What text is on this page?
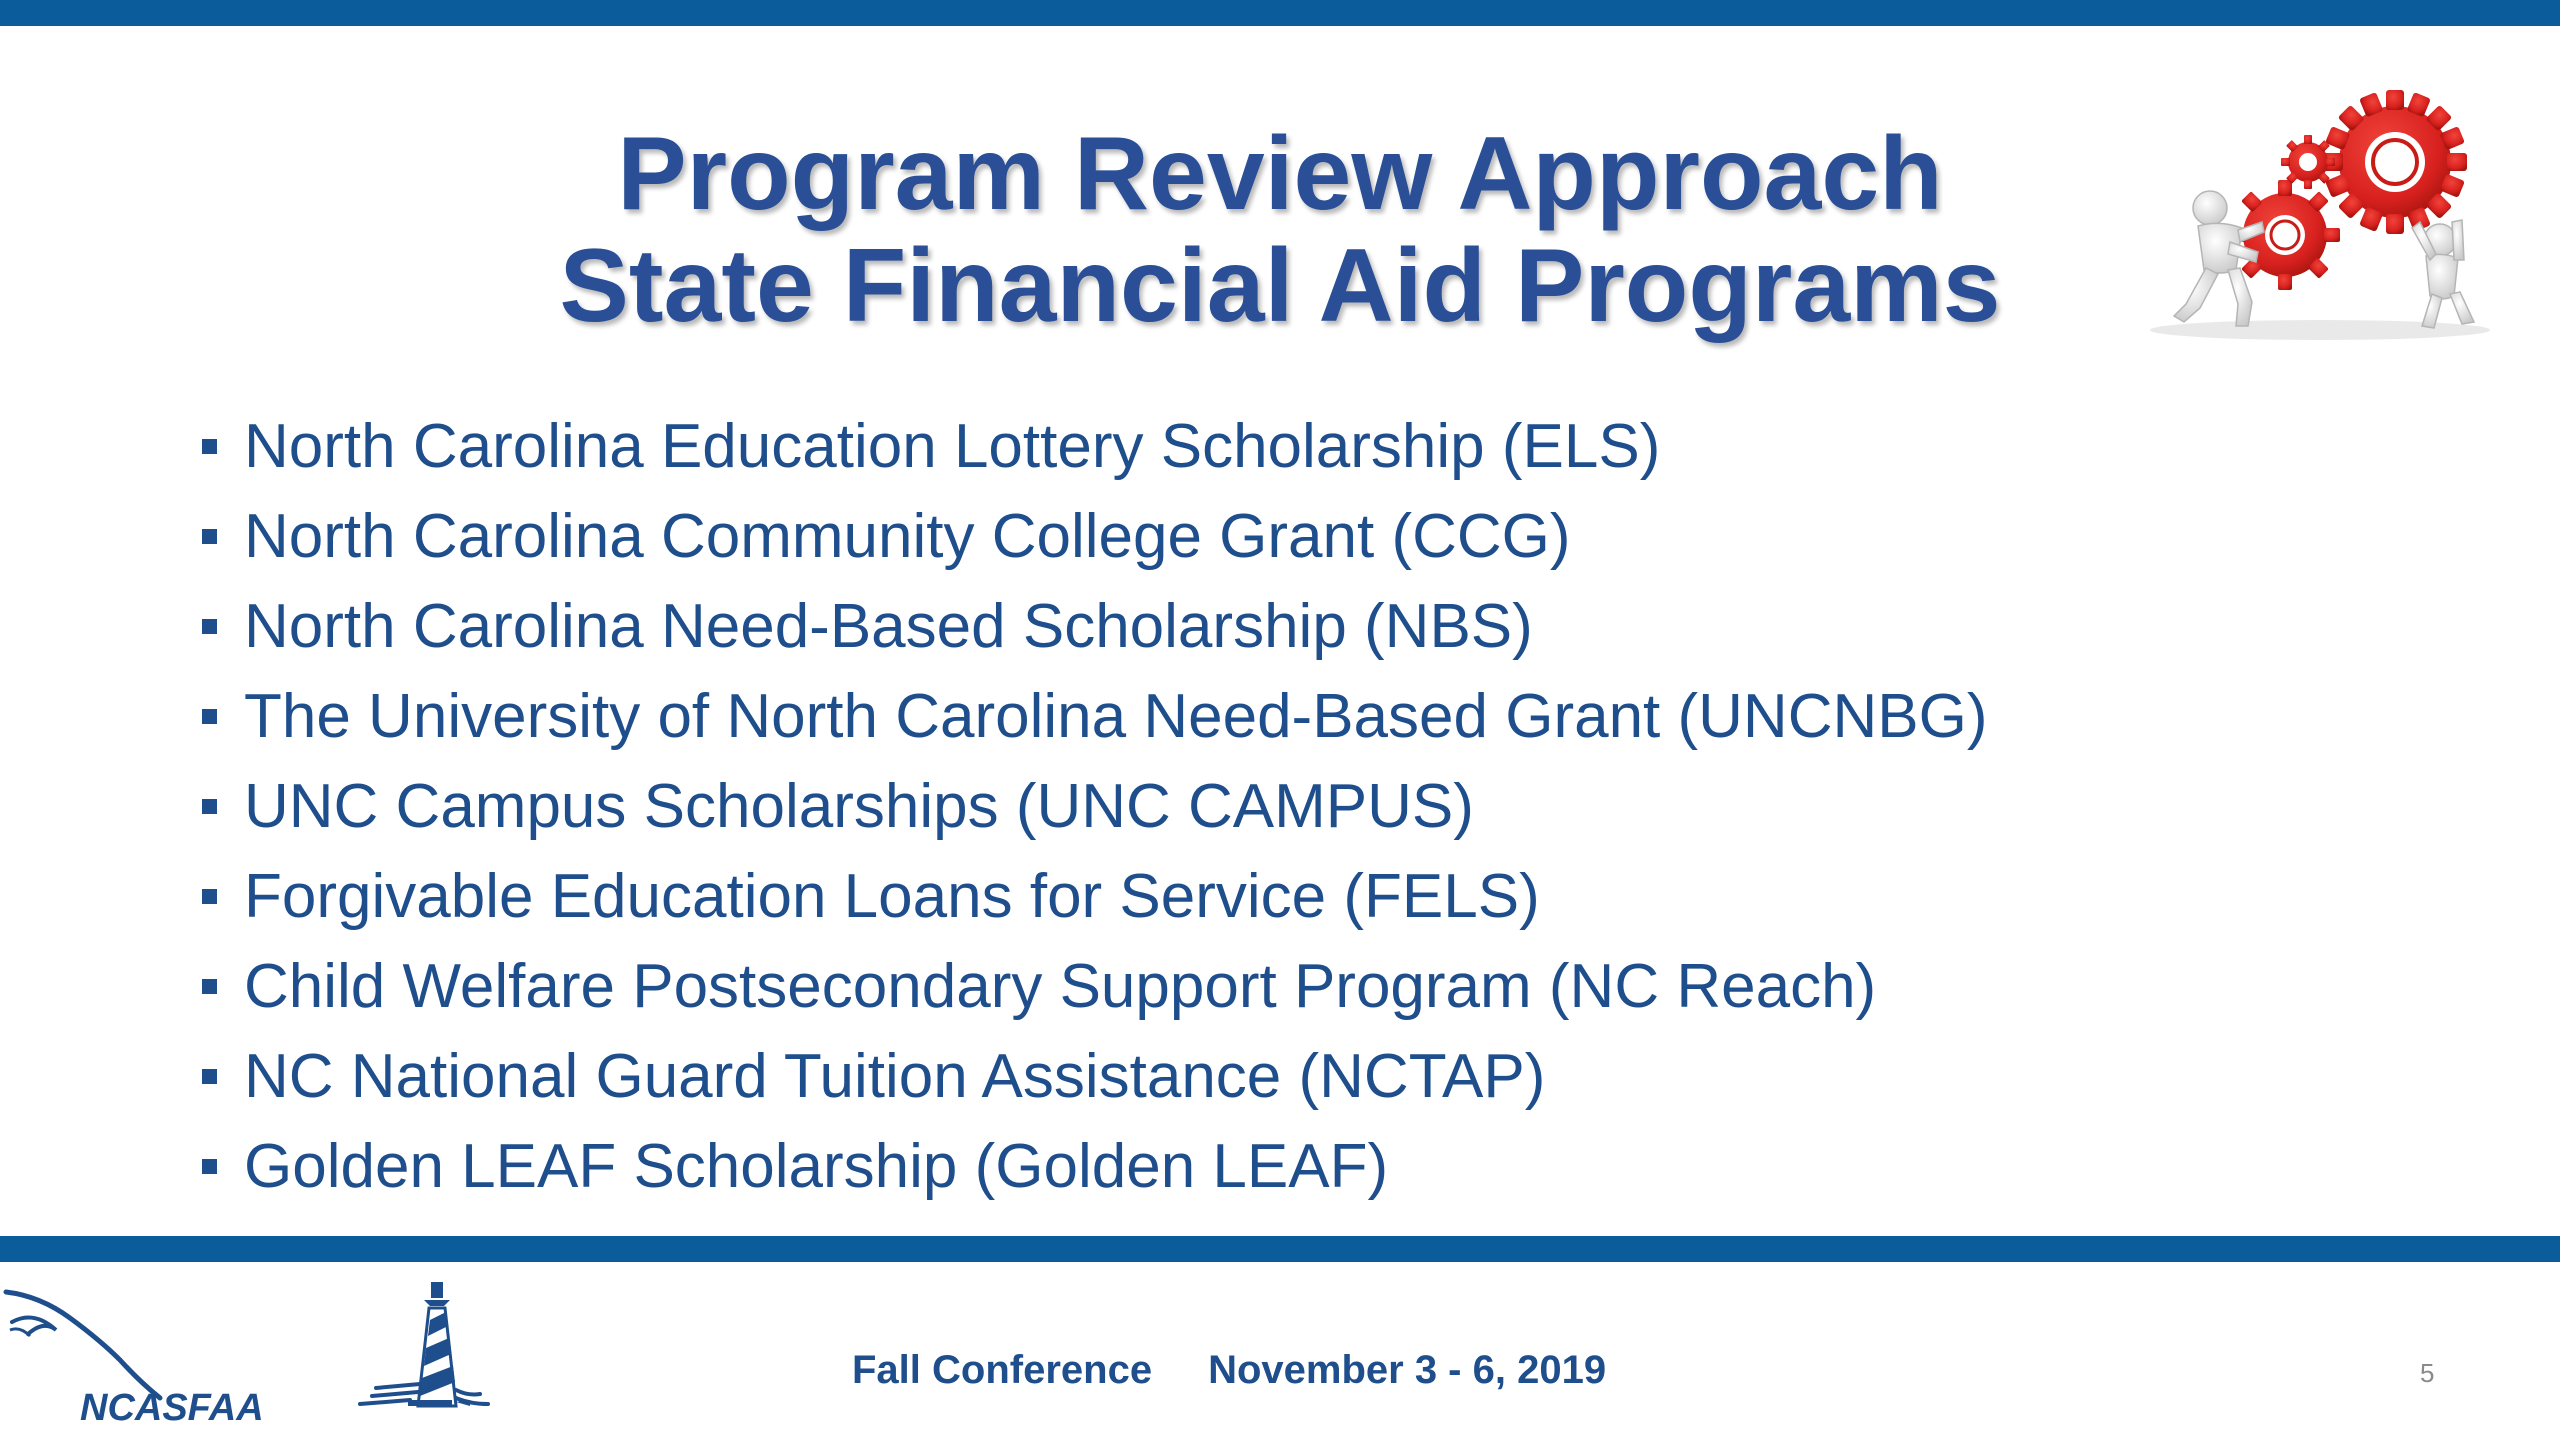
Program Review Approach
State Financial Aid Programs
North Carolina Education Lottery Scholarship (ELS)
North Carolina Community College Grant (CCG)
North Carolina Need-Based Scholarship (NBS)
The University of North Carolina Need-Based Grant (UNCNBG)
UNC Campus Scholarships (UNC CAMPUS)
Forgivable Education Loans for Service (FELS)
Child Welfare Postsecondary Support Program (NC Reach)
NC National Guard Tuition Assistance (NCTAP)
Golden LEAF Scholarship (Golden LEAF)
NCASFAA
Fall Conference November 3 - 6, 2019	5
